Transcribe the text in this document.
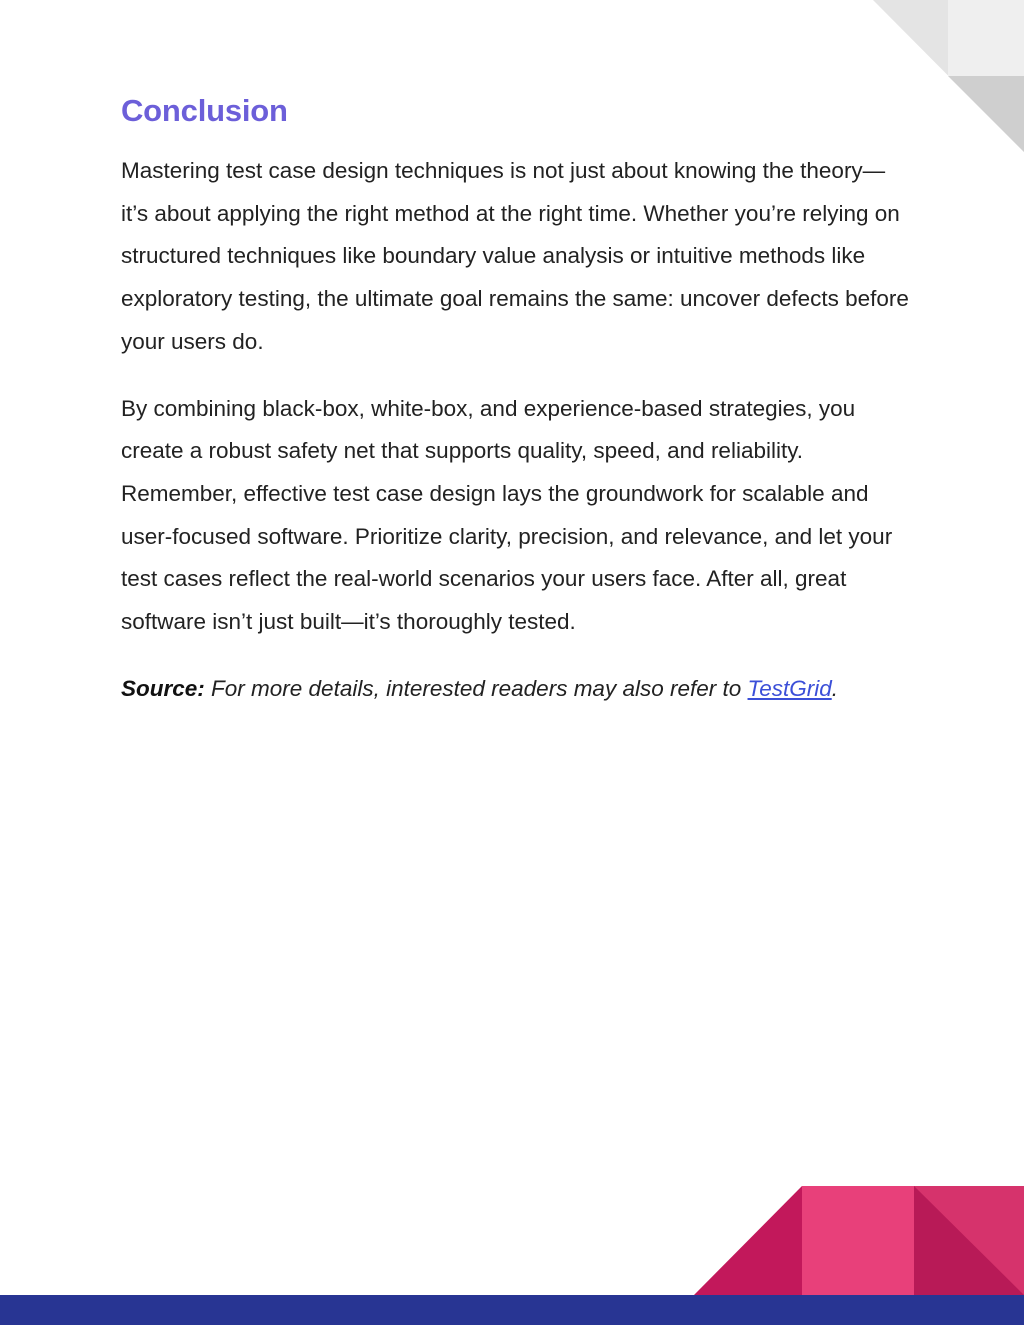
Conclusion

Mastering test case design techniques is not just about knowing the theory—it’s about applying the right method at the right time. Whether you’re relying on structured techniques like boundary value analysis or intuitive methods like exploratory testing, the ultimate goal remains the same: uncover defects before your users do.

By combining black-box, white-box, and experience-based strategies, you create a robust safety net that supports quality, speed, and reliability. Remember, effective test case design lays the groundwork for scalable and user-focused software. Prioritize clarity, precision, and relevance, and let your test cases reflect the real-world scenarios your users face. After all, great software isn’t just built—it’s thoroughly tested.

Source: For more details, interested readers may also refer to TestGrid.
